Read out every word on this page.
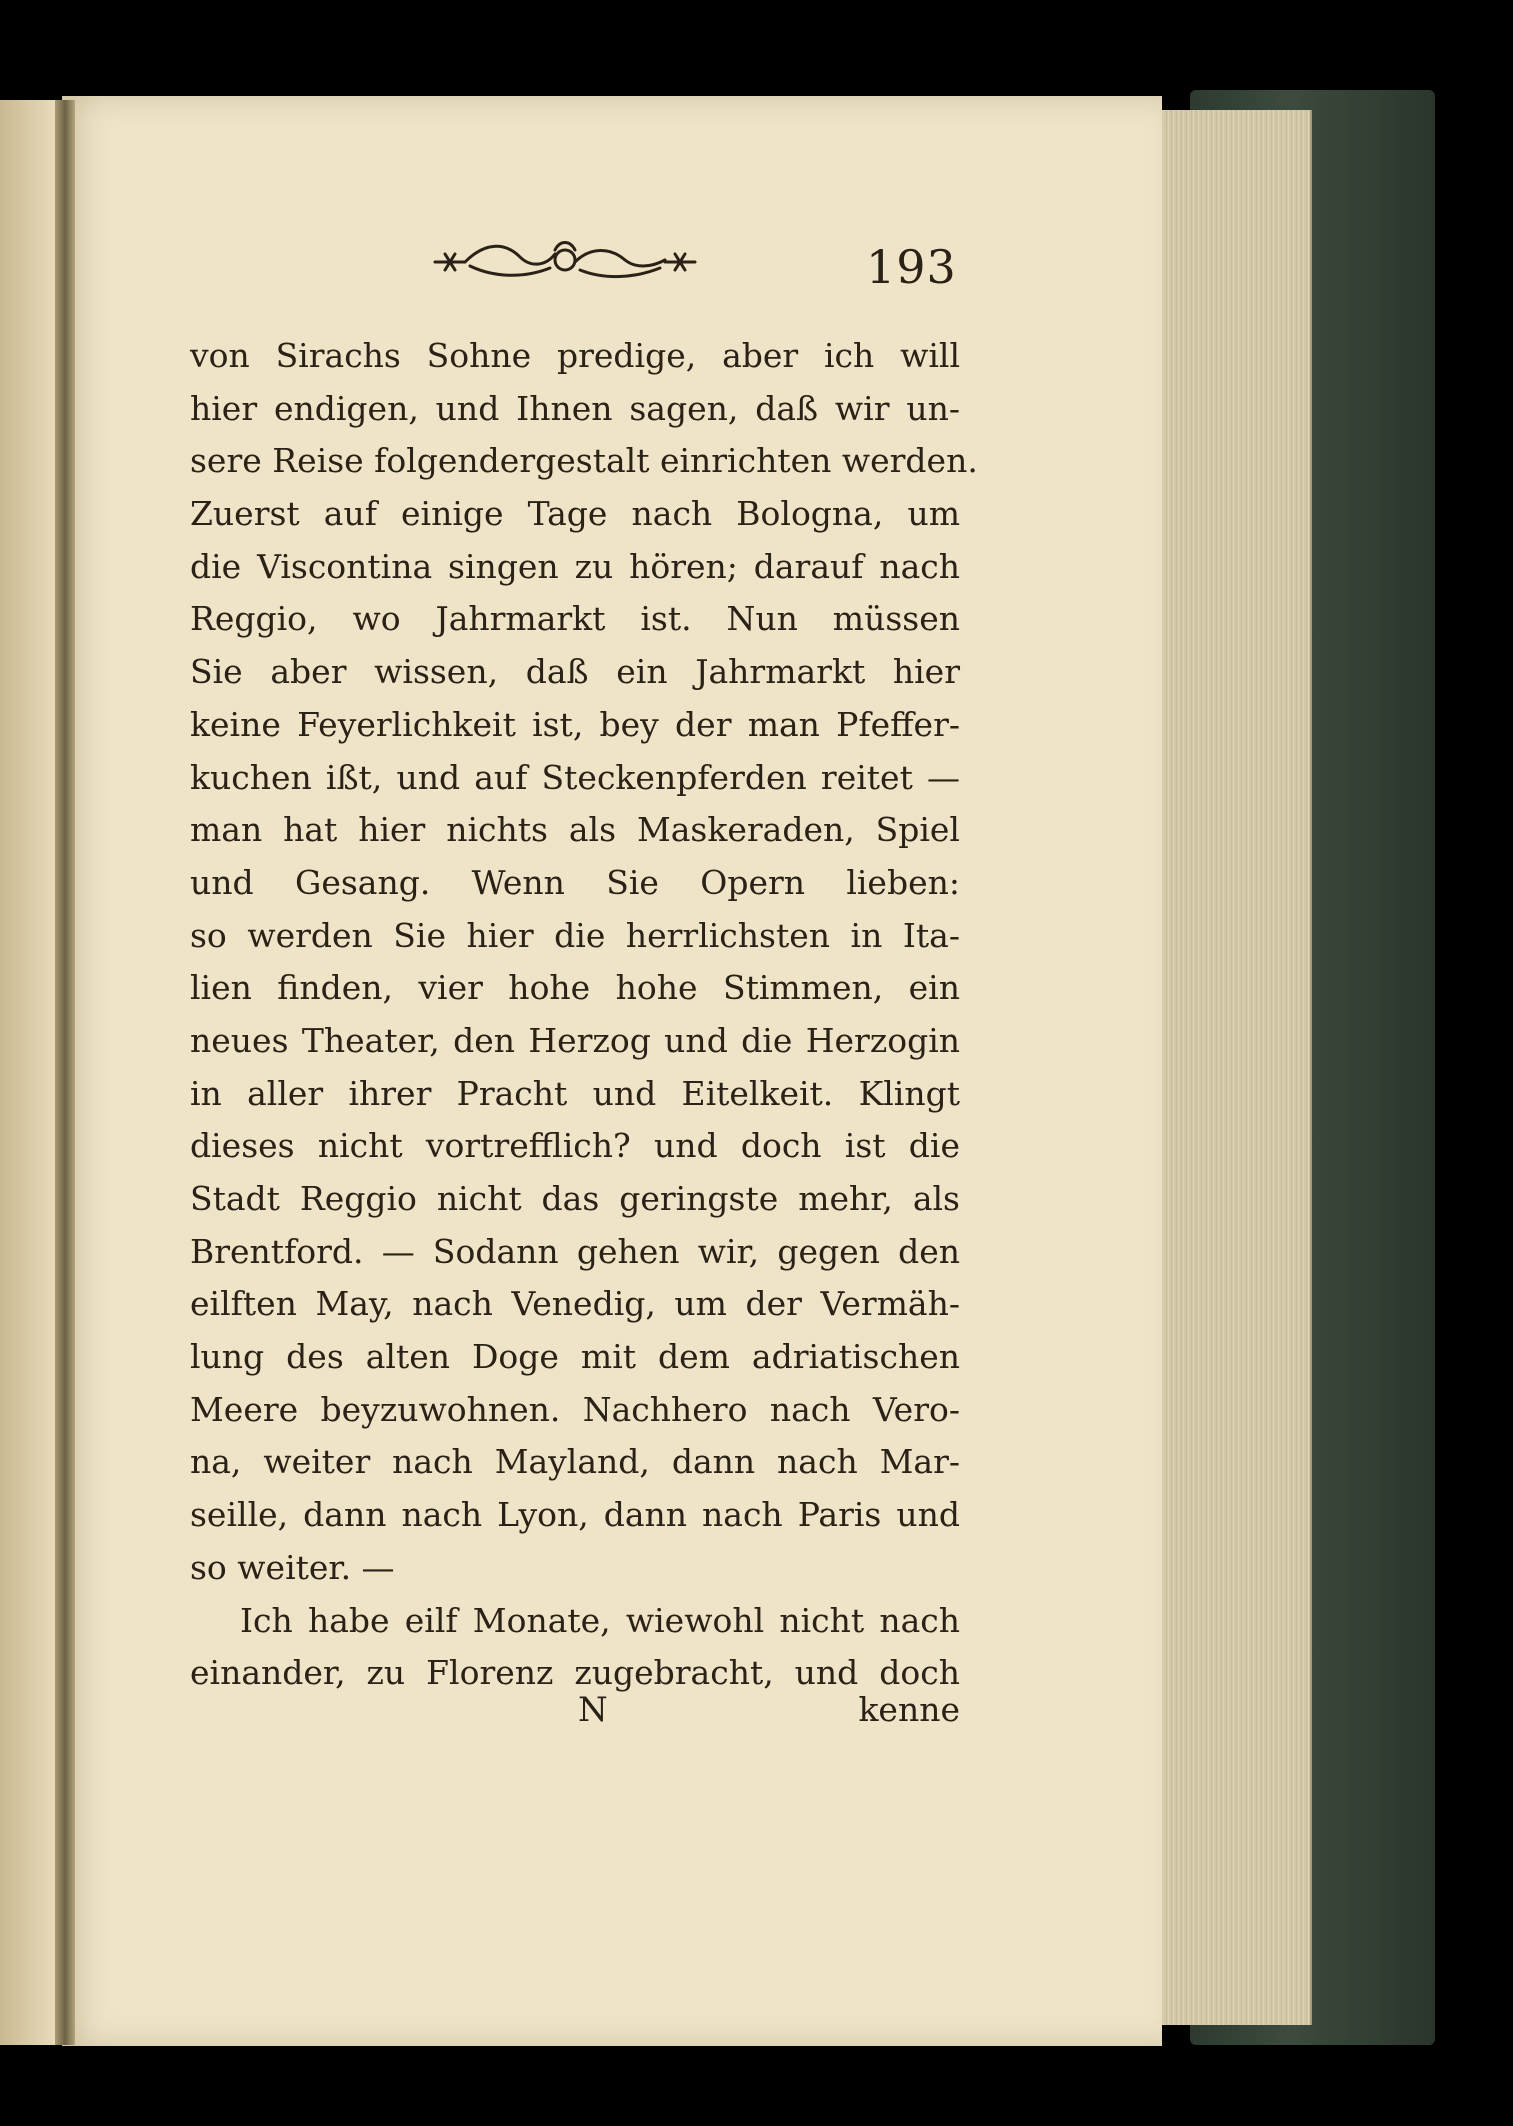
193
von Sirachs Sohne predige, aber ich will
hier endigen, und Ihnen sagen, daß wir un-
sere Reise folgendergestalt einrichten werden.
Zuerst auf einige Tage nach Bologna, um
die Viscontina singen zu hören; darauf nach
Reggio, wo Jahrmarkt ist. Nun müssen
Sie aber wissen, daß ein Jahrmarkt hier
keine Feyerlichkeit ist, bey der man Pfeffer-
kuchen ißt, und auf Steckenpferden reitet —
man hat hier nichts als Maskeraden, Spiel
und Gesang. Wenn Sie Opern lieben:
so werden Sie hier die herrlichsten in Ita-
lien finden, vier hohe hohe Stimmen, ein
neues Theater, den Herzog und die Herzogin
in aller ihrer Pracht und Eitelkeit. Klingt
dieses nicht vortrefflich? und doch ist die
Stadt Reggio nicht das geringste mehr, als
Brentford. — Sodann gehen wir, gegen den
eilften May, nach Venedig, um der Vermäh-
lung des alten Doge mit dem adriatischen
Meere beyzuwohnen. Nachhero nach Vero-
na, weiter nach Mayland, dann nach Mar-
seille, dann nach Lyon, dann nach Paris und
so weiter. —
Ich habe eilf Monate, wiewohl nicht nach
einander, zu Florenz zugebracht, und doch
N	kenne
